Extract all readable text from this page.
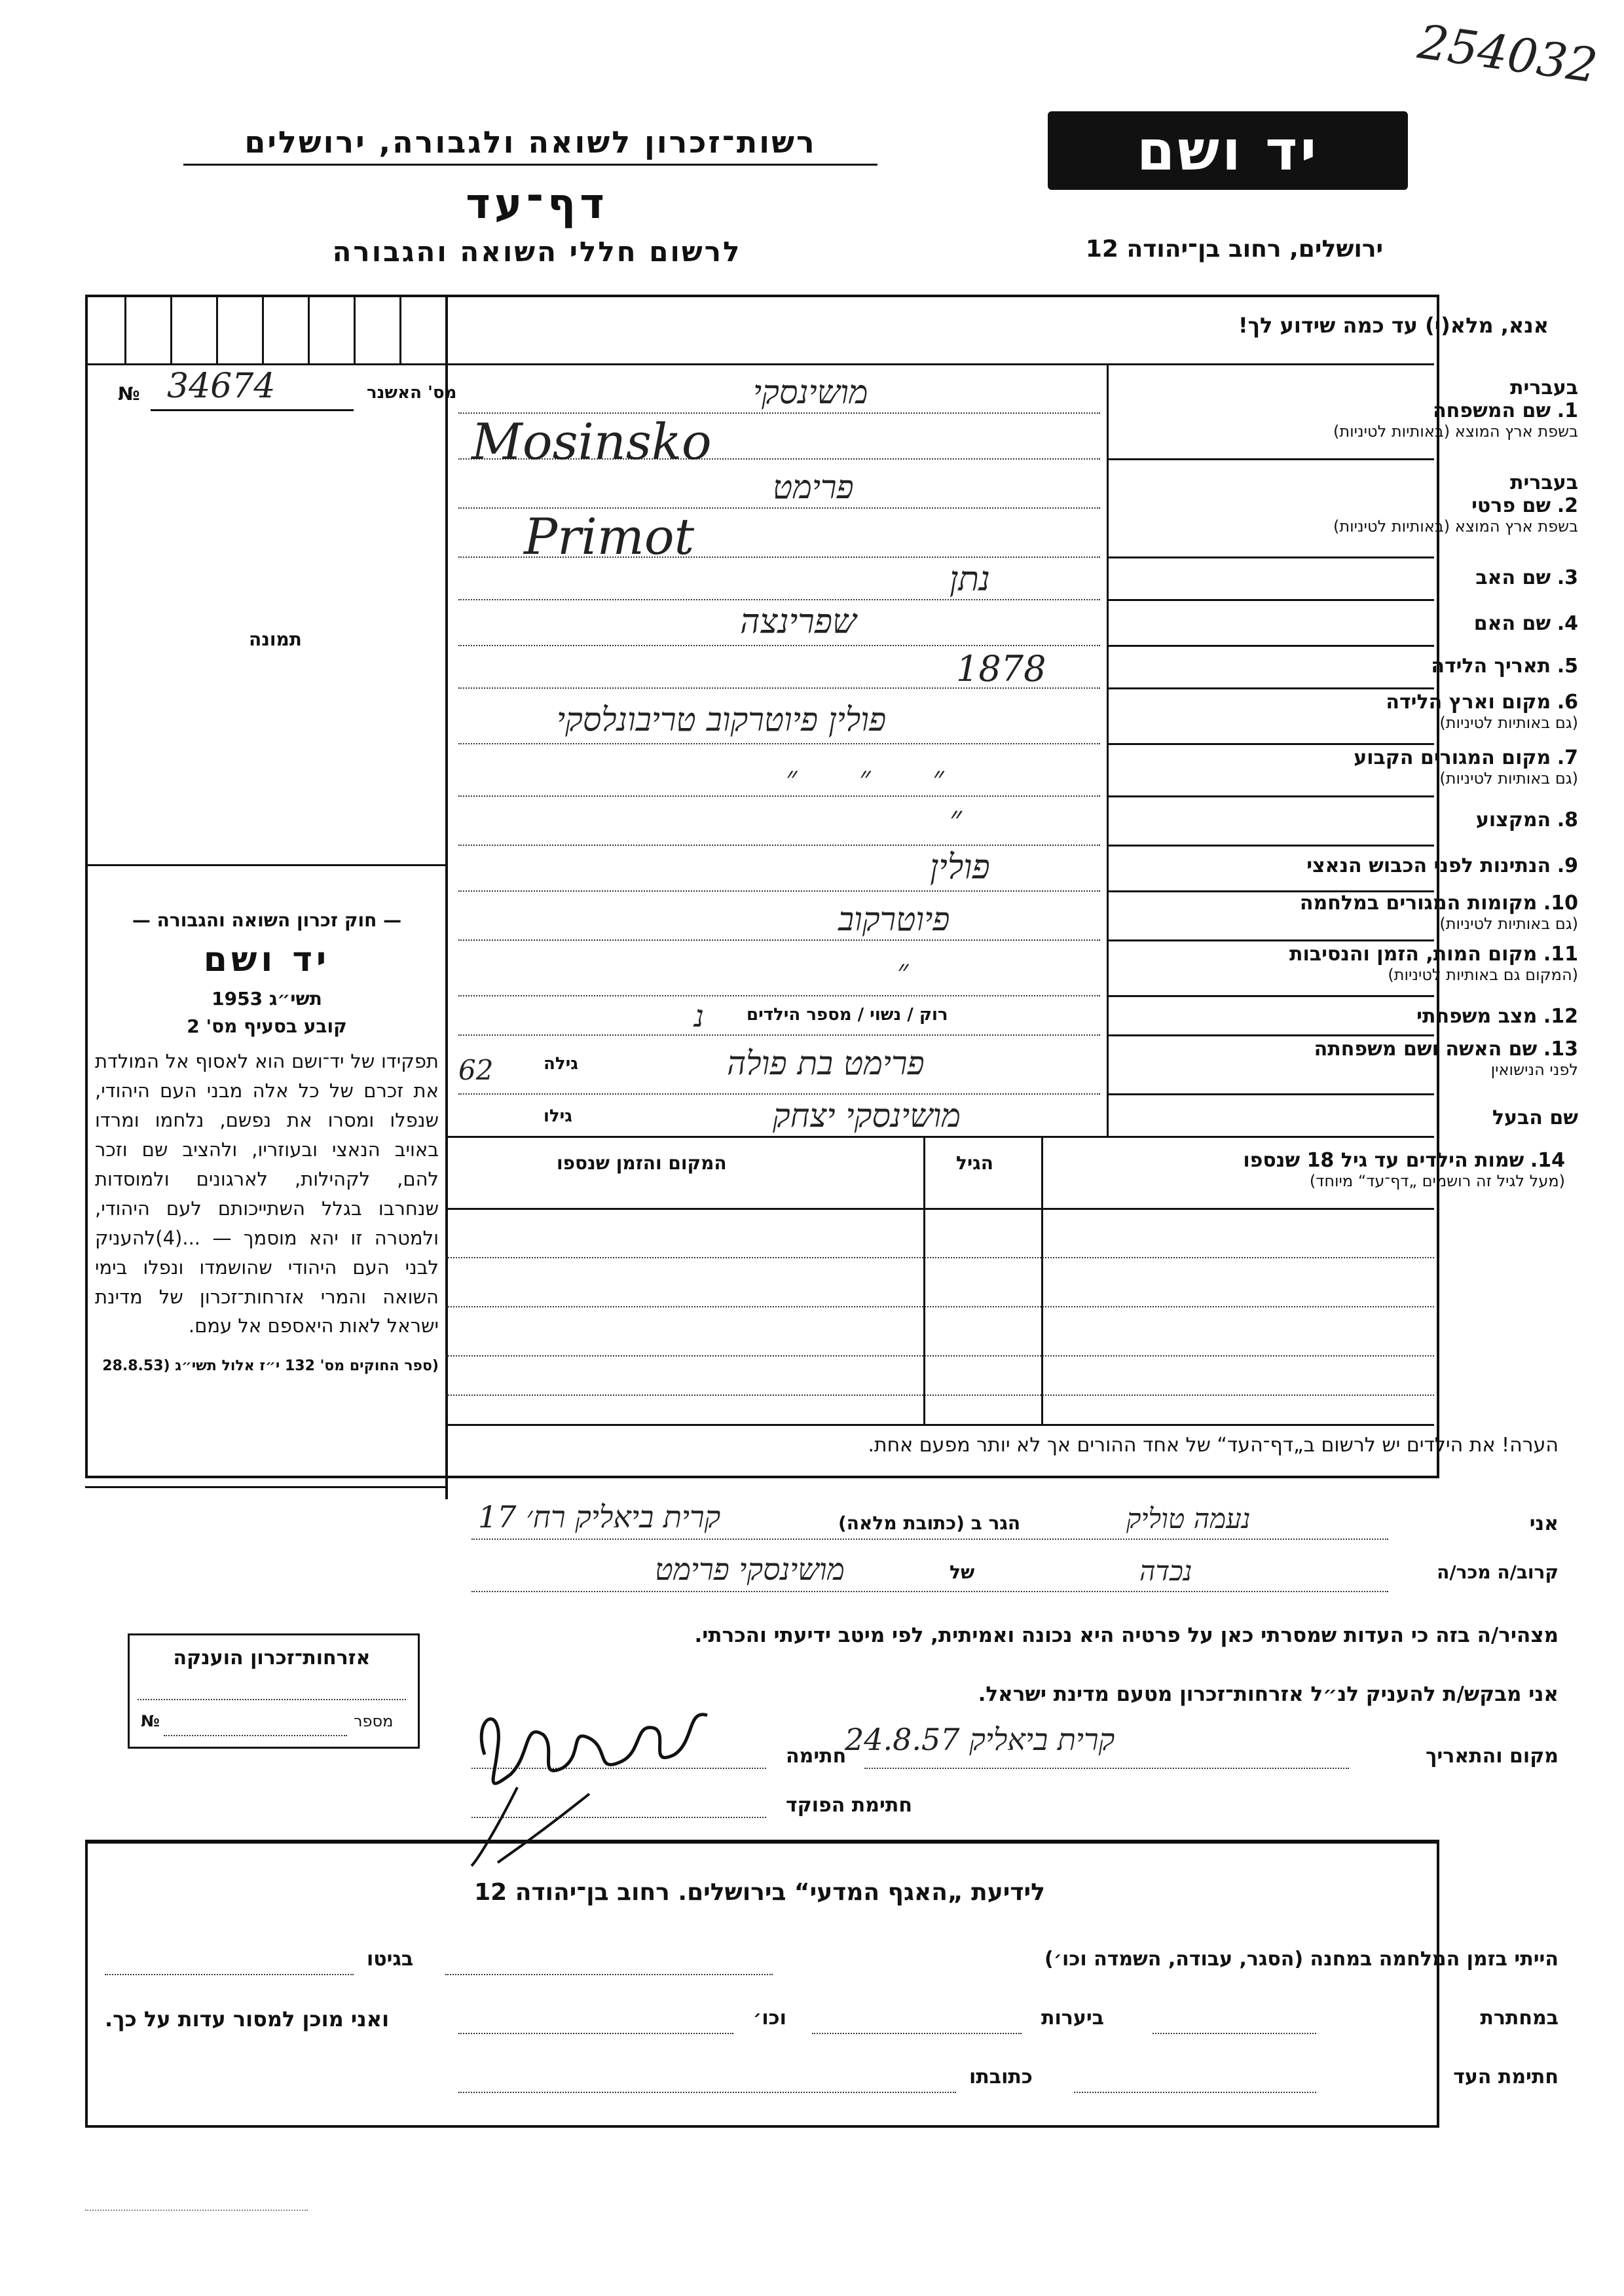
254032
רשות־זכרון לשואה ולגבורה, ירושלים
דף־עד
לרשום חללי השואה והגבורה
יד ושם
ירושלים, רחוב בן־יהודה 12
אנא, מלא(י) עד כמה שידוע לך!
מס' האשנר
34674
№
תמונה
בעברית
1. שם המשפחה
בשפת ארץ המוצא (באותיות לטיניות)
בעברית
2. שם פרטי
בשפת ארץ המוצא (באותיות לטיניות)
3. שם האב
4. שם האם
5. תאריך הלידה
6. מקום וארץ הלידה
(גם באותיות לטיניות)
7. מקום המגורים הקבוע
(גם באותיות לטיניות)
8. המקצוע
9. הנתינות לפני הכבוש הנאצי
10. מקומות המגורים במלחמה
(גם באותיות לטיניות)
11. מקום המות, הזמן והנסיבות
(המקום גם באותיות לטיניות)
12. מצב משפחתי
13. שם האשה ושם משפחתה
לפני הנישואין
שם הבעל
מושינסקי
Mosinsko
פרימט
Primot
נתן
שפרינצה
1878
פולין פיוטרקוב טריבונלסקי
״ ״ ״
״
פולין
פיוטרקוב
״
רוק / נשוי / מספר הילדים
נ
גילה
62	פרימט בת פולה
גילו	מושינסקי יצחק
14. שמות הילדים עד גיל 18 שנספו
(מעל לגיל זה רושמים „דף־עד“ מיוחד)
הגיל
המקום והזמן שנספו
הערה! את הילדים יש לרשום ב„דף־העד“ של אחד ההורים אך לא יותר מפעם אחת.

— חוק זכרון השואה והגבורה —

יד ושם

תשי״ג 1953

קובע בסעיף מס' 2

תפקידו של יד־ושם הוא לאסוף אל המולדת את זכרם של כל אלה מבני העם היהודי, שנפלו ומסרו את נפשם, נלחמו ומרדו באויב הנאצי ובעוזריו, ולהציב שם וזכר להם, לקהילות, לארגונים ולמוסדות שנחרבו בגלל השתייכותם לעם היהודי, ולמטרה זו יהא מוסמך — ...(4)להעניק לבני העם היהודי שהושמדו ונפלו בימי השואה והמרי אזרחות־זכרון של מדינת ישראל לאות היאספם אל עמם.

(ספר החוקים מס' 132 י״ז אלול תשי״ג (28.8.53

אני
נעמה טוליק
הגר ב (כתובת מלאה)
קרית ביאליק רח׳ 17
קרוב/ה מכר/ה
נכדה
של
מושינסקי פרימט
מצהיר/ה בזה כי העדות שמסרתי כאן על פרטיה היא נכונה ואמיתית, לפי מיטב ידיעתי והכרתי.
אני מבקש/ת להעניק לנ״ל אזרחות־זכרון מטעם מדינת ישראל.
מקום והתאריך
קרית ביאליק 24.8.57
חתימה
חתימת הפוקד
אזרחות־זכרון הוענקה
מספר
№
לידיעת „האגף המדעי“ בירושלים. רחוב בן־יהודה 12
הייתי בזמן המלחמה במחנה (הסגר, עבודה, השמדה וכו׳)
בגיטו
במחתרת
ביערות
וכו׳
ואני מוכן למסור עדות על כך.
חתימת העד
כתובתו
